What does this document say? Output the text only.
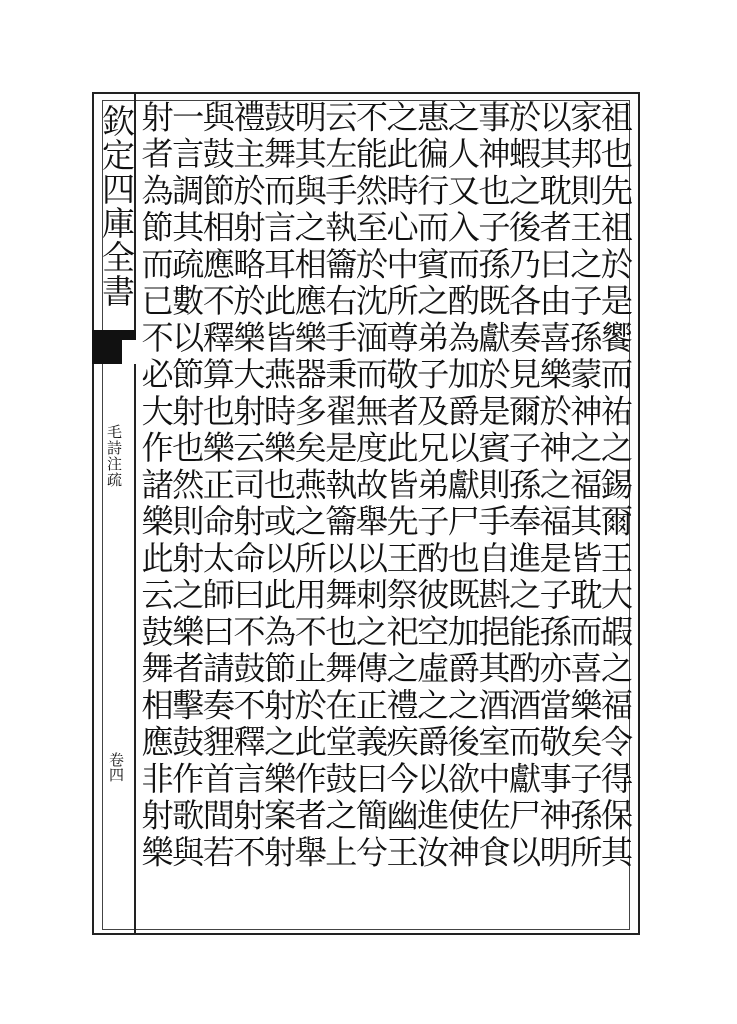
欽定四庫全書
毛詩注疏
卷四	祖也先祖於是饗而祐之錫爾王大嘏之福令得保其
家邦則王之子孫蒙神之福其皆耽而喜樂矣子孫所
以其耽者曰由喜樂於神之福是子孫亦當敬事神明
於蝦之後乃各奏見爾子孫奉進之能酌酒而獻尸以
事神也子孫既獻於是賓則手自斟挹其酒室中佐食
之人又入而酌為加爵以獻尸也既加爵之後欲使神
惠徧行而賓之弟子及兄弟子酌彼空虛之爵以進汝
之此時心中所尊敬者此皆先王祭祀之禮疾今幽王
不能然至於沈湎而無度故舉以刺之傳正義曰簡兮
云左手執籥右手秉翟是執籥以舞也舞在堂鼓之上
明其與之相應樂器多矣燕之所用不止於此作者舉
鼓舞而言耳此皆燕時樂也或以此為節射之樂案射
禮主於射略於樂大射云司射命曰不鼓不釋言射不
與鼓節相應不釋算也樂正命太師曰請奏貍首間若
一言調其疏數以節射也然則射之樂者擊鼓作歌與
射者為節而已不必大作諸樂此云鼓舞相應非射樂
